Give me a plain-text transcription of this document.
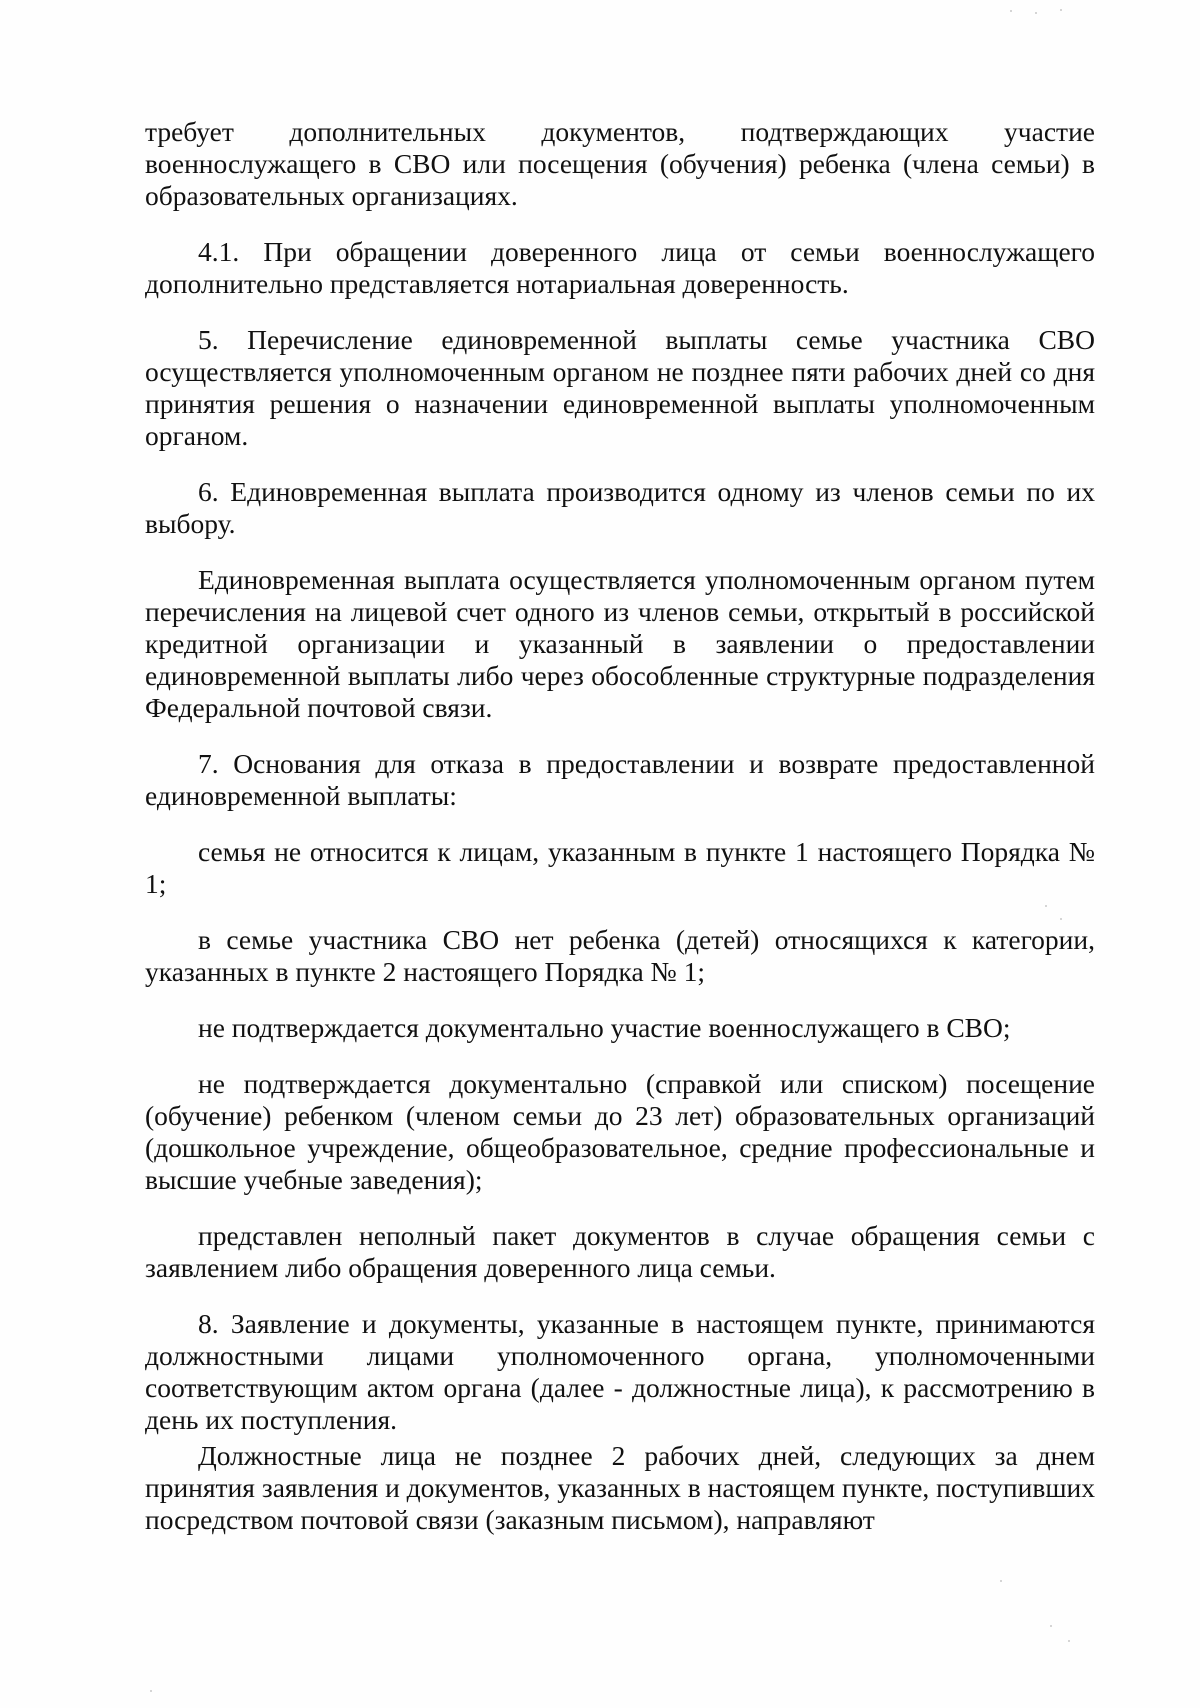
требует дополнительных документов, подтверждающих участие военнослужащего в СВО или посещения (обучения) ребенка (члена семьи) в образовательных организациях.

4.1. При обращении доверенного лица от семьи военнослужащего дополнительно представляется нотариальная доверенность.

5. Перечисление единовременной выплаты семье участника СВО осуществляется уполномоченным органом не позднее пяти рабочих дней со дня принятия решения о назначении единовременной выплаты уполномоченным органом.

6. Единовременная выплата производится одному из членов семьи по их выбору.

Единовременная выплата осуществляется уполномоченным органом путем перечисления на лицевой счет одного из членов семьи, открытый в российской кредитной организации и указанный в заявлении о предоставлении единовременной выплаты либо через обособленные структурные подразделения Федеральной почтовой связи.

7. Основания для отказа в предоставлении и возврате предоставленной единовременной выплаты:

семья не относится к лицам, указанным в пункте 1 настоящего Порядка № 1;

в семье участника СВО нет ребенка (детей) относящихся к категории, указанных в пункте 2 настоящего Порядка № 1;

не подтверждается документально участие военнослужащего в СВО;

не подтверждается документально (справкой или списком) посещение (обучение) ребенком (членом семьи до 23 лет) образовательных организаций (дошкольное учреждение, общеобразовательное, средние профессиональные и высшие учебные заведения);

представлен неполный пакет документов в случае обращения семьи с заявлением либо обращения доверенного лица семьи.

8. Заявление и документы, указанные в настоящем пункте, принимаются должностными лицами уполномоченного органа, уполномоченными соответствующим актом органа (далее - должностные лица), к рассмотрению в день их поступления.

Должностные лица не позднее 2 рабочих дней, следующих за днем принятия заявления и документов, указанных в настоящем пункте, поступивших посредством почтовой связи (заказным письмом), направляют
